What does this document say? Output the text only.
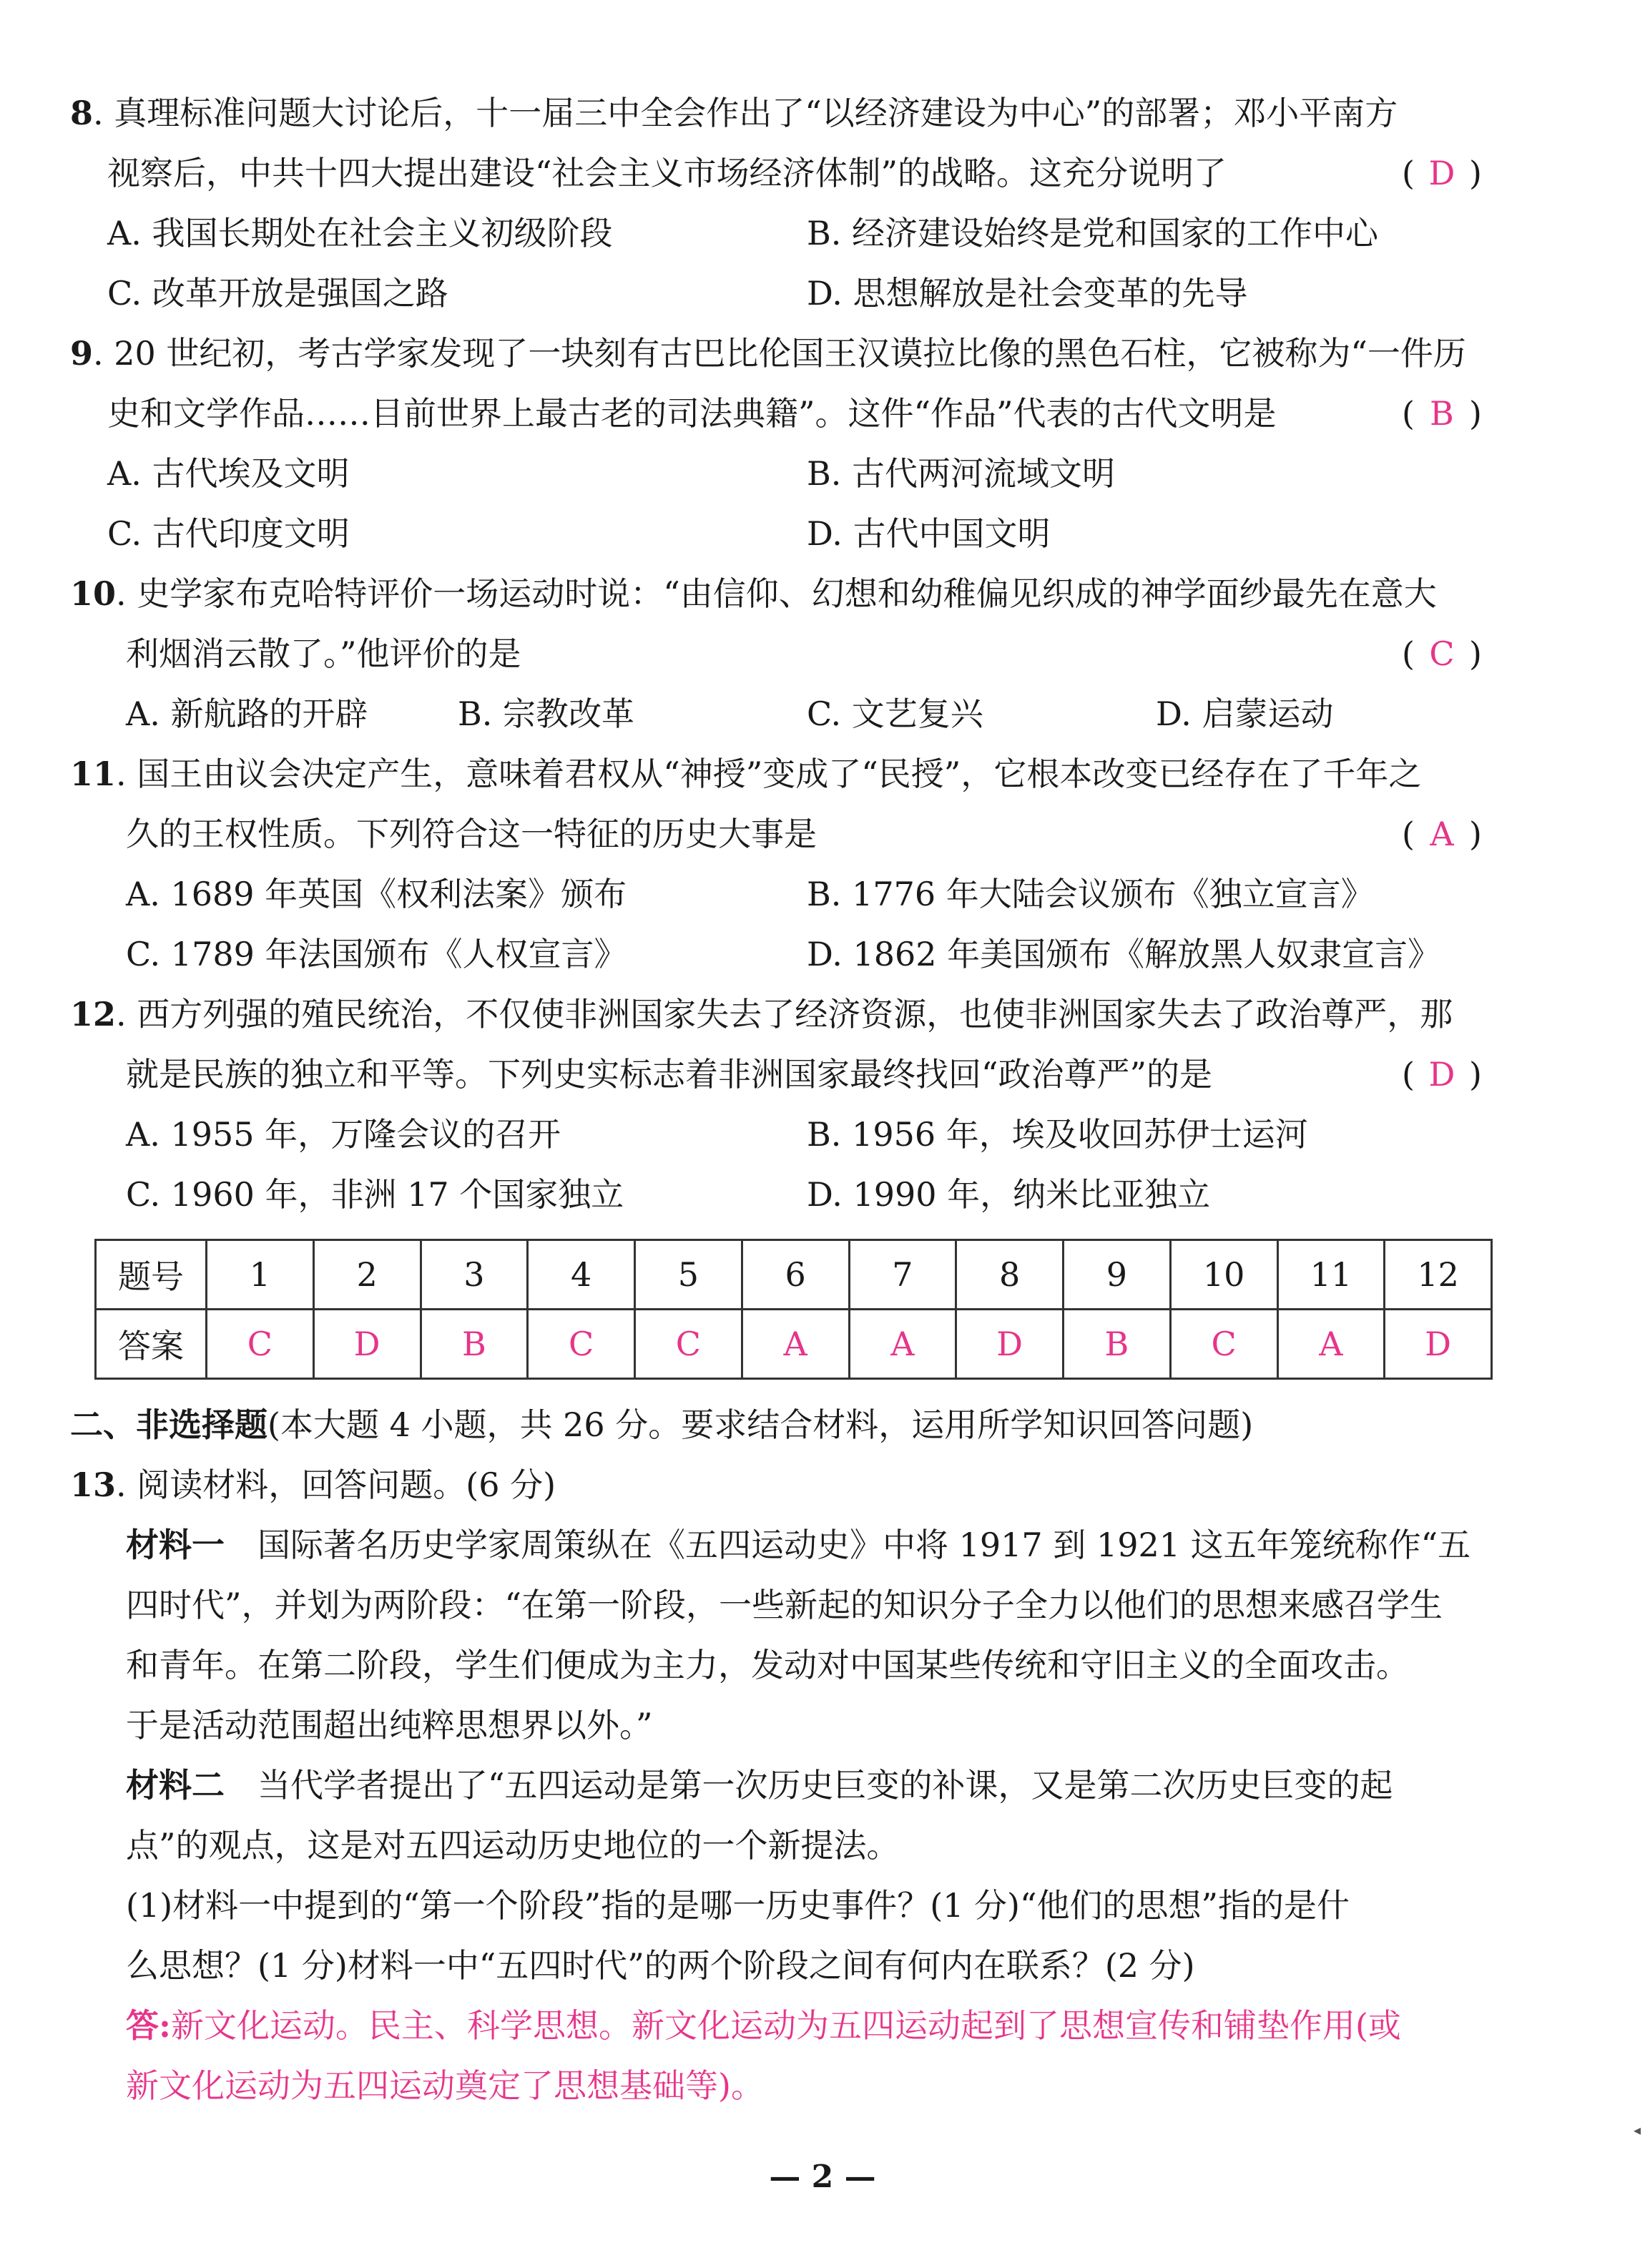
8. 真理标准问题大讨论后，十一届三中全会作出了“以经济建设为中心”的部署；邓小平南方
视察后，中共十四大提出建设“社会主义市场经济体制”的战略。这充分说明了	( D )
A. 我国长期处在社会主义初级阶段	B. 经济建设始终是党和国家的工作中心
C. 改革开放是强国之路	D. 思想解放是社会变革的先导
9. 20 世纪初，考古学家发现了一块刻有古巴比伦国王汉谟拉比像的黑色石柱，它被称为“一件历
史和文学作品……目前世界上最古老的司法典籍”。这件“作品”代表的古代文明是	( B )
A. 古代埃及文明	B. 古代两河流域文明
C. 古代印度文明	D. 古代中国文明
10. 史学家布克哈特评价一场运动时说：“由信仰、幻想和幼稚偏见织成的神学面纱最先在意大
利烟消云散了。”他评价的是	( C )
A. 新航路的开辟	B. 宗教改革	C. 文艺复兴	D. 启蒙运动
11. 国王由议会决定产生，意味着君权从“神授”变成了“民授”，它根本改变已经存在了千年之
久的王权性质。下列符合这一特征的历史大事是	( A )
A. 1689 年英国《权利法案》颁布	B. 1776 年大陆会议颁布《独立宣言》
C. 1789 年法国颁布《人权宣言》	D. 1862 年美国颁布《解放黑人奴隶宣言》
12. 西方列强的殖民统治，不仅使非洲国家失去了经济资源，也使非洲国家失去了政治尊严，那
就是民族的独立和平等。下列史实标志着非洲国家最终找回“政治尊严”的是	( D )
A. 1955 年，万隆会议的召开	B. 1956 年，埃及收回苏伊士运河
C. 1960 年，非洲 17 个国家独立	D. 1990 年，纳米比亚独立
题号	1	2	3	4	5	6	7	8	9	10	11	12
答案	C	D	B	C	C	A	A	D	B	C	A	D
二、非选择题(本大题 4 小题，共 26 分。要求结合材料，运用所学知识回答问题)
13. 阅读材料，回答问题。(6 分)
材料一 国际著名历史学家周策纵在《五四运动史》中将 1917 到 1921 这五年笼统称作“五
四时代”，并划为两阶段：“在第一阶段，一些新起的知识分子全力以他们的思想来感召学生
和青年。在第二阶段，学生们便成为主力，发动对中国某些传统和守旧主义的全面攻击。
于是活动范围超出纯粹思想界以外。”
材料二 当代学者提出了“五四运动是第一次历史巨变的补课，又是第二次历史巨变的起
点”的观点，这是对五四运动历史地位的一个新提法。
(1)材料一中提到的“第一个阶段”指的是哪一历史事件？(1 分)“他们的思想”指的是什
么思想？(1 分)材料一中“五四时代”的两个阶段之间有何内在联系？(2 分)
答:新文化运动。民主、科学思想。新文化运动为五四运动起到了思想宣传和铺垫作用(或
新文化运动为五四运动奠定了思想基础等)。
◂
— 2 —
